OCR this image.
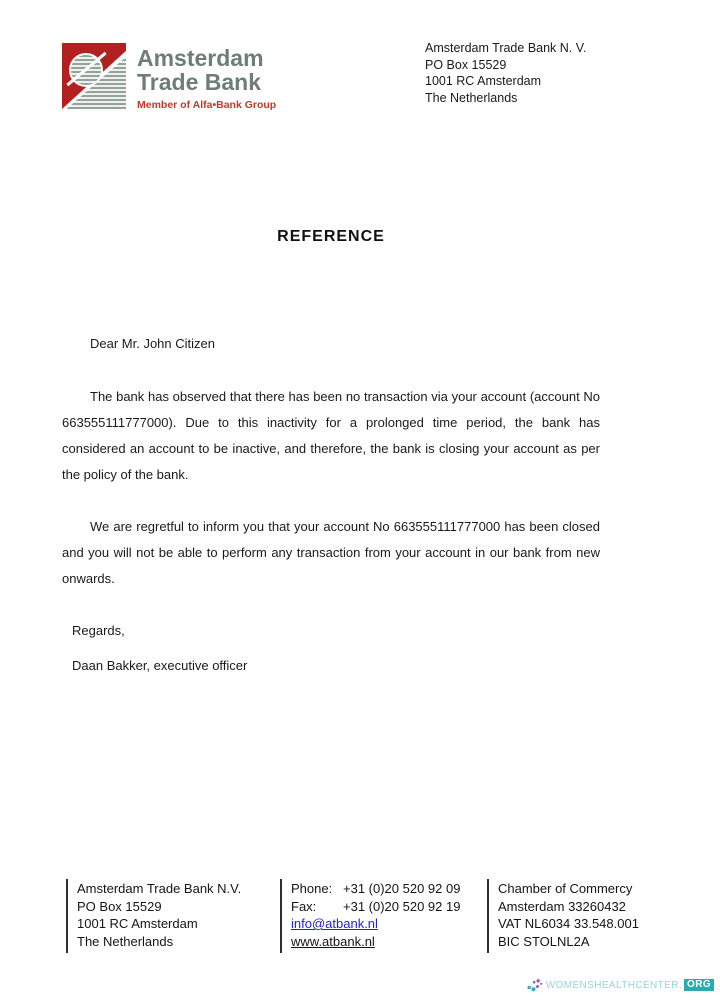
Amsterdam
Trade Bank
Member of Alfa•Bank Group
Amsterdam Trade Bank N. V.
PO Box 15529
1001 RC Amsterdam
The Netherlands
REFERENCE

Dear Mr. John Citizen

The bank has observed that there has been no transaction via your account (account No 663555111777000). Due to this inactivity for a prolonged time period, the bank has considered an account to be inactive, and therefore, the bank is closing your account as per the policy of the bank.

We are regretful to inform you that your account No 663555111777000 has been closed and you will not be able to perform any transaction from your account in our bank from new onwards.

Regards,

Daan Bakker, executive officer

Amsterdam Trade Bank N.V.
PO Box 15529
1001 RC Amsterdam
The Netherlands
Phone: +31 (0)20 520 92 09
Fax:	+31 (0)20 520 92 19
info@atbank.nl
www.atbank.nl
Chamber of Commercy
Amsterdam 33260432
VAT NL6034 33.548.001
BIC STOLNL2A
WOMENSHEALTHCENTER. ORG
